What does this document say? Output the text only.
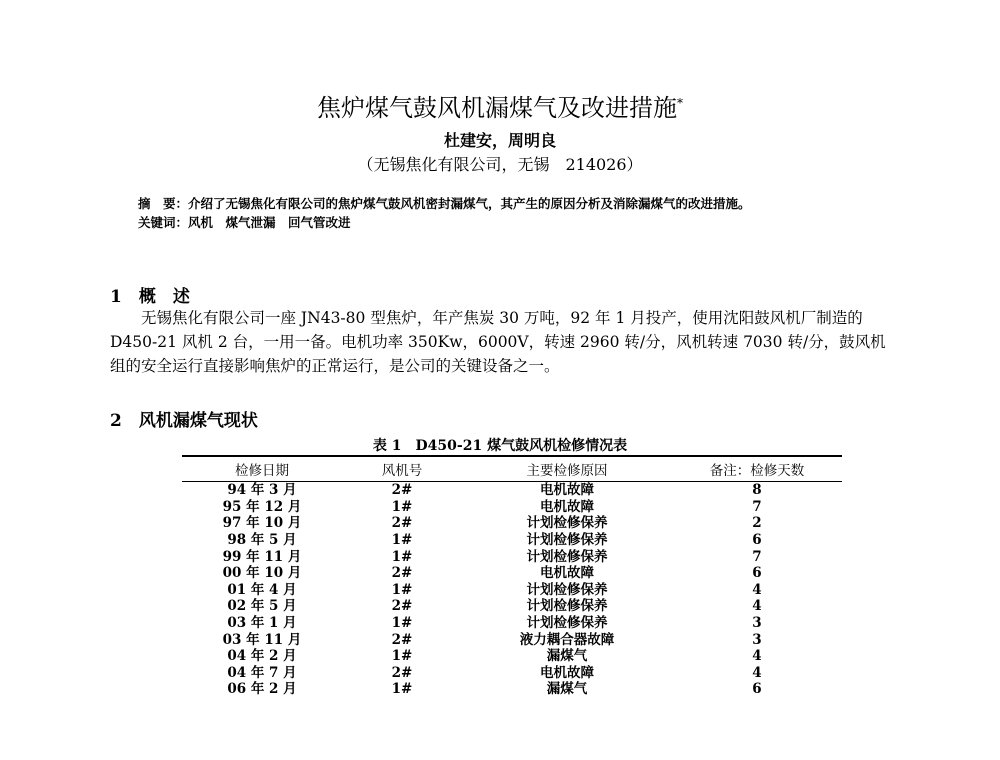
焦炉煤气鼓风机漏煤气及改进措施*
杜建安，周明良
（无锡焦化有限公司，无锡　214026）
摘　要：介绍了无锡焦化有限公司的焦炉煤气鼓风机密封漏煤气，其产生的原因分析及消除漏煤气的改进措施。
关键词：风机　煤气泄漏　回气管改进
1　概　述
无锡焦化有限公司一座 JN43-80 型焦炉，年产焦炭 30 万吨，92 年 1 月投产，使用沈阳鼓风机厂制造的 D450-21 风机 2 台，一用一备。电机功率 350Kw，6000V，转速 2960 转/分，风机转速 7030 转/分，鼓风机组的安全运行直接影响焦炉的正常运行，是公司的关键设备之一。
2　风机漏煤气现状
表 1　D450-21 煤气鼓风机检修情况表
检修日期	风机号	主要检修原因	备注：检修天数
94 年 3 月	2#	电机故障	8
95 年 12 月	1#	电机故障	7
97 年 10 月	2#	计划检修保养	2
98 年 5 月	1#	计划检修保养	6
99 年 11 月	1#	计划检修保养	7
00 年 10 月	2#	电机故障	6
01 年 4 月	1#	计划检修保养	4
02 年 5 月	2#	计划检修保养	4
03 年 1 月	1#	计划检修保养	3
03 年 11 月	2#	液力耦合器故障	3
04 年 2 月	1#	漏煤气	4
04 年 7 月	2#	电机故障	4
06 年 2 月	1#	漏煤气	6
